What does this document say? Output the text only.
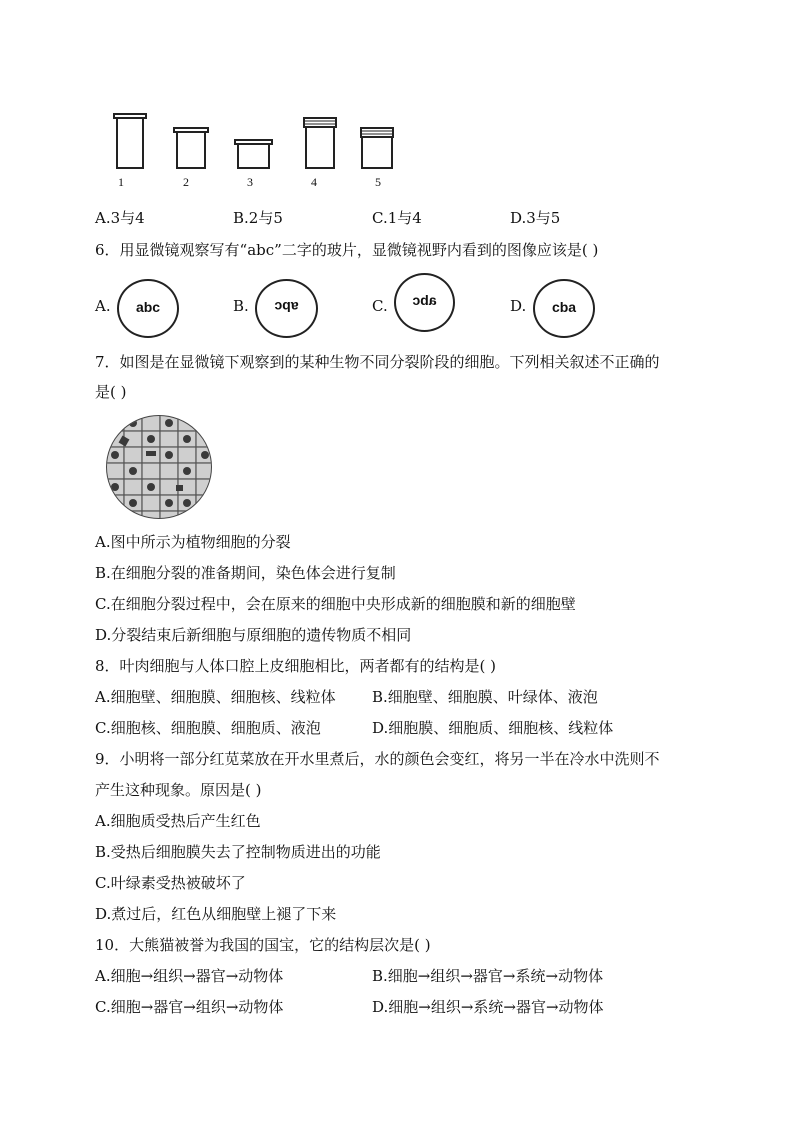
1	2	3	4	5
A.3与4	B.2与5	C.1与4	D.3与5
6．用显微镜观察写有“abc”二字的玻片，显微镜视野内看到的图像应该是( )
A.	abc	B.	abc	C.	abc	D.	cba
7．如图是在显微镜下观察到的某种生物不同分裂阶段的细胞。下列相关叙述不正确的
是( )
A.图中所示为植物细胞的分裂
B.在细胞分裂的准备期间，染色体会进行复制
C.在细胞分裂过程中，会在原来的细胞中央形成新的细胞膜和新的细胞壁
D.分裂结束后新细胞与原细胞的遗传物质不相同
8．叶肉细胞与人体口腔上皮细胞相比，两者都有的结构是( )
A.细胞壁、细胞膜、细胞核、线粒体 B.细胞壁、细胞膜、叶绿体、液泡
C.细胞核、细胞膜、细胞质、液泡	D.细胞膜、细胞质、细胞核、线粒体
9．小明将一部分红苋菜放在开水里煮后，水的颜色会变红，将另一半在冷水中洗则不
产生这种现象。原因是( )
A.细胞质受热后产生红色
B.受热后细胞膜失去了控制物质进出的功能
C.叶绿素受热被破坏了
D.煮过后，红色从细胞壁上褪了下来
10．大熊猫被誉为我国的国宝，它的结构层次是( )
A.细胞→组织→器官→动物体	B.细胞→组织→器官→系统→动物体
C.细胞→器官→组织→动物体	D.细胞→组织→系统→器官→动物体
